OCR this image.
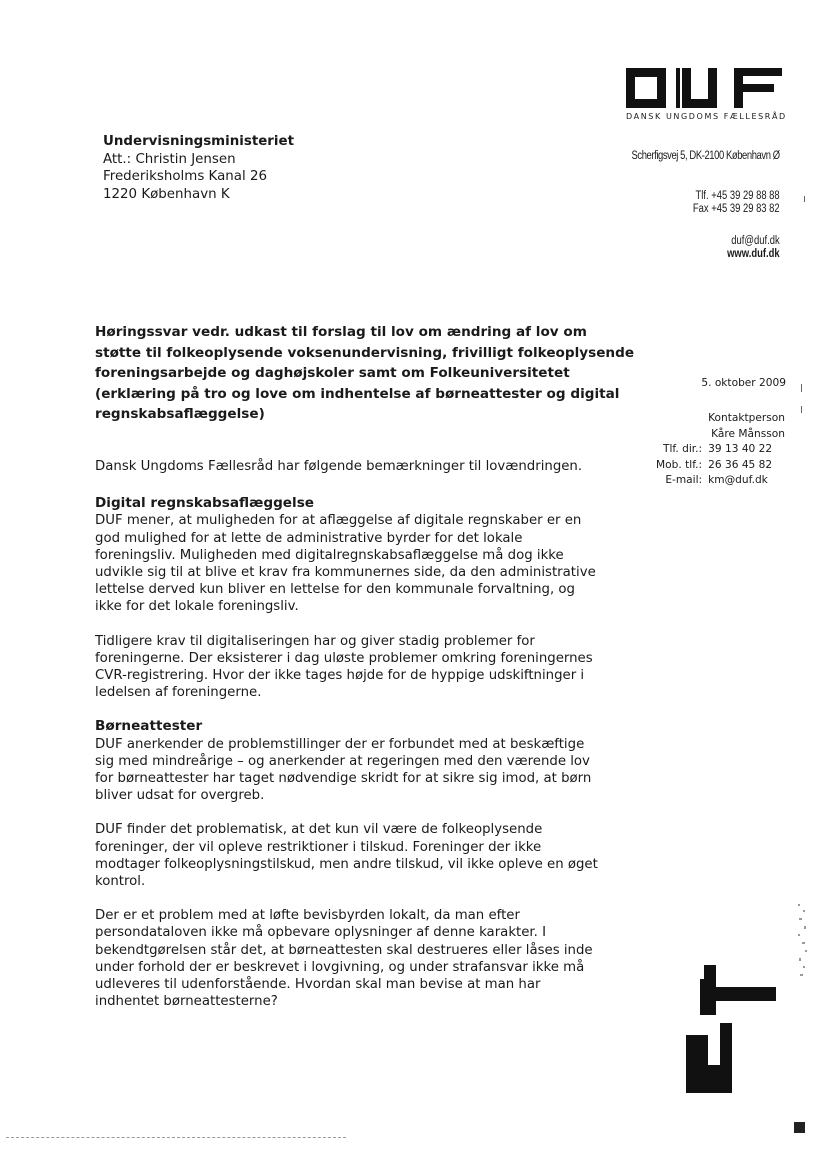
DANSK UNGDOMS FÆLLESRÅD
Undervisningsministeriet
Att.: Christin Jensen
Frederiksholms Kanal 26
1220 København K
Scherfigsvej 5, DK-2100 København Ø
Tlf. +45 39 29 88 88
Fax +45 39 29 83 82
duf@duf.dk
www.duf.dk
Høringssvar vedr. udkast til forslag til lov om ændring af lov om støtte til folkeoplysende voksenundervisning, frivilligt folkeoplysende foreningsarbejde og daghøjskoler samt om Folkeuniversitetet (erklæring på tro og love om indhentelse af børneattester og digital regnskabsaflæggelse)
5. oktober 2009
	Kontaktperson
	Kåre Månsson
Tlf. dir.:	39 13 40 22
Mob. tlf.:	26 36 45 82
E-mail:	km@duf.dk

Dansk Ungdoms Fællesråd har følgende bemærkninger til lovændringen.

Digital regnskabsaflæggelse

DUF mener, at muligheden for at aflæggelse af digitale regnskaber er en god mulighed for at lette de administrative byrder for det lokale foreningsliv. Muligheden med digitalregnskabsaflæggelse må dog ikke udvikle sig til at blive et krav fra kommunernes side, da den administrative lettelse derved kun bliver en lettelse for den kommunale forvaltning, og ikke for det lokale foreningsliv.

Tidligere krav til digitaliseringen har og giver stadig problemer for foreningerne. Der eksisterer i dag uløste problemer omkring foreningernes CVR-registrering. Hvor der ikke tages højde for de hyppige udskiftninger i ledelsen af foreningerne.

Børneattester

DUF anerkender de problemstillinger der er forbundet med at beskæftige sig med mindreårige – og anerkender at regeringen med den værende lov for børneattester har taget nødvendige skridt for at sikre sig imod, at børn bliver udsat for overgreb.

DUF finder det problematisk, at det kun vil være de folkeoplysende foreninger, der vil opleve restriktioner i tilskud. Foreninger der ikke modtager folkeoplysningstilskud, men andre tilskud, vil ikke opleve en øget kontrol.

Der er et problem med at løfte bevisbyrden lokalt, da man efter persondataloven ikke må opbevare oplysninger af denne karakter. I bekendtgørelsen står det, at børneattesten skal destrueres eller låses inde under forhold der er beskrevet i lovgivning, og under strafansvar ikke må udleveres til udenforstående. Hvordan skal man bevise at man har indhentet børneattesterne?
